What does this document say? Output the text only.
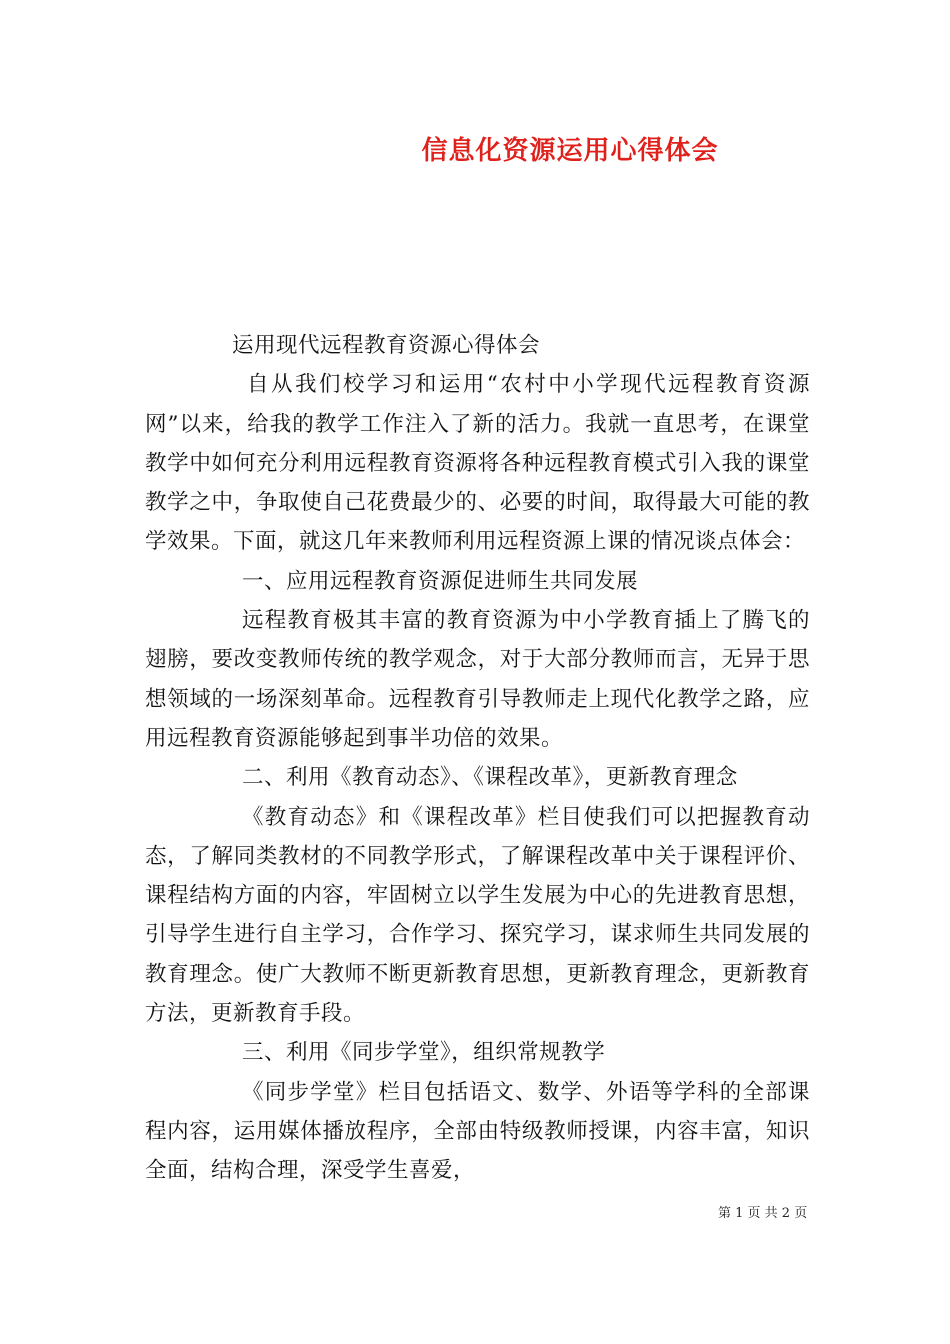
信息化资源运用心得体会

运用现代远程教育资源心得体会

自从我们校学习和运用“农村中小学现代远程教育资源网”以来，给我的教学工作注入了新的活力。我就一直思考，在课堂教学中如何充分利用远程教育资源将各种远程教育模式引入我的课堂教学之中，争取使自己花费最少的、必要的时间，取得最大可能的教学效果。下面，就这几年来教师利用远程资源上课的情况谈点体会：

一、应用远程教育资源促进师生共同发展

远程教育极其丰富的教育资源为中小学教育插上了腾飞的翅膀，要改变教师传统的教学观念，对于大部分教师而言，无异于思想领域的一场深刻革命。远程教育引导教师走上现代化教学之路，应用远程教育资源能够起到事半功倍的效果。

二、利用《教育动态》、《课程改革》，更新教育理念

《教育动态》和《课程改革》栏目使我们可以把握教育动态，了解同类教材的不同教学形式，了解课程改革中关于课程评价、课程结构方面的内容，牢固树立以学生发展为中心的先进教育思想，引导学生进行自主学习，合作学习、探究学习，谋求师生共同发展的教育理念。使广大教师不断更新教育思想，更新教育理念，更新教育方法，更新教育手段。

三、利用《同步学堂》，组织常规教学

《同步学堂》栏目包括语文、数学、外语等学科的全部课程内容，运用媒体播放程序，全部由特级教师授课，内容丰富，知识全面，结构合理，深受学生喜爱，

第 1 页 共 2 页
